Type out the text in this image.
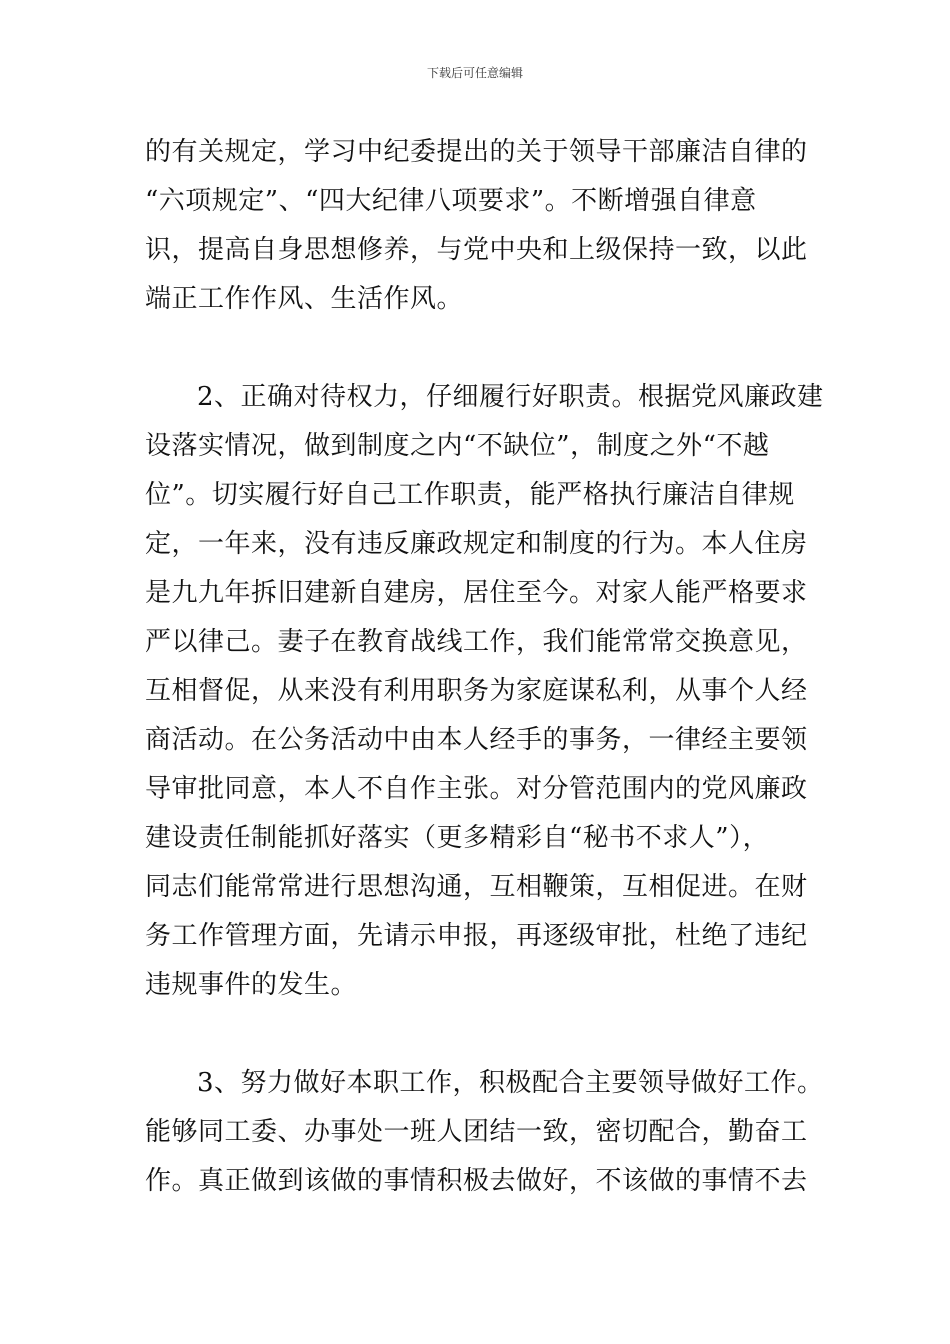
下载后可任意编辑
的有关规定，学习中纪委提出的关于领导干部廉洁自律的
“六项规定”、“四大纪律八项要求”。不断增强自律意
识，提高自身思想修养，与党中央和上级保持一致，以此
端正工作作风、生活作风。
2、正确对待权力，仔细履行好职责。根据党风廉政建
设落实情况，做到制度之内“不缺位”，制度之外“不越
位”。切实履行好自己工作职责，能严格执行廉洁自律规
定，一年来，没有违反廉政规定和制度的行为。本人住房
是九九年拆旧建新自建房，居住至今。对家人能严格要求
严以律己。妻子在教育战线工作，我们能常常交换意见，
互相督促，从来没有利用职务为家庭谋私利，从事个人经
商活动。在公务活动中由本人经手的事务，一律经主要领
导审批同意，本人不自作主张。对分管范围内的党风廉政
建设责任制能抓好落实（更多精彩自“秘书不求人”），
同志们能常常进行思想沟通，互相鞭策，互相促进。在财
务工作管理方面，先请示申报，再逐级审批，杜绝了违纪
违规事件的发生。
3、努力做好本职工作，积极配合主要领导做好工作。
能够同工委、办事处一班人团结一致，密切配合，勤奋工
作。真正做到该做的事情积极去做好，不该做的事情不去
